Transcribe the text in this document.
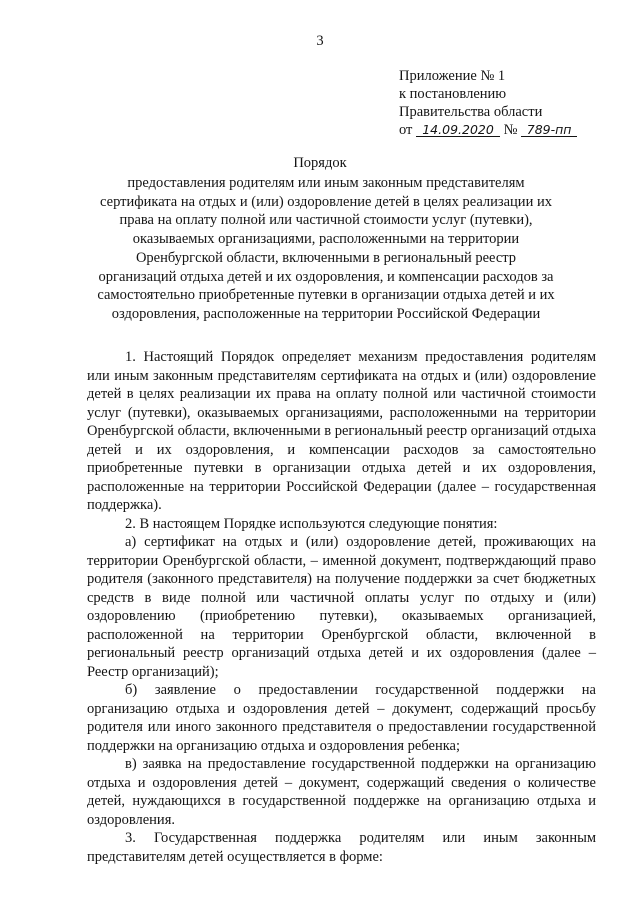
3
Приложение № 1
к постановлению
Правительства области
от 14.09.2020 № 789-пп
Порядок
предоставления родителям или иным законным представителям сертификата на отдых и (или) оздоровление детей в целях реализации их права на оплату полной или частичной стоимости услуг (путевки), оказываемых организациями, расположенными на территории Оренбургской области, включенными в региональный реестр организаций отдыха детей и их оздоровления, и компенсации расходов за самостоятельно приобретенные путевки в организации отдыха детей и их оздоровления, расположенные на территории Российской Федерации

1. Настоящий Порядок определяет механизм предоставления родителям или иным законным представителям сертификата на отдых и (или) оздоровление детей в целях реализации их права на оплату полной или частичной стоимости услуг (путевки), оказываемых организациями, расположенными на территории Оренбургской области, включенными в региональный реестр организаций отдыха детей и их оздоровления, и компенсации расходов за самостоятельно приобретенные путевки в организации отдыха детей и их оздоровления, расположенные на территории Российской Федерации (далее – государственная поддержка).

2. В настоящем Порядке используются следующие понятия:

а) сертификат на отдых и (или) оздоровление детей, проживающих на территории Оренбургской области, – именной документ, подтверждающий право родителя (законного представителя) на получение поддержки за счет бюджетных средств в виде полной или частичной оплаты услуг по отдыху и (или) оздоровлению (приобретению путевки), оказываемых организацией, расположенной на территории Оренбургской области, включенной в региональный реестр организаций отдыха детей и их оздоровления (далее – Реестр организаций);

б) заявление о предоставлении государственной поддержки на организацию отдыха и оздоровления детей – документ, содержащий просьбу родителя или иного законного представителя о предоставлении государственной поддержки на организацию отдыха и оздоровления ребенка;

в) заявка на предоставление государственной поддержки на организацию отдыха и оздоровления детей – документ, содержащий сведения о количестве детей, нуждающихся в государственной поддержке на организацию отдыха и оздоровления.

3. Государственная поддержка родителям или иным законным представителям детей осуществляется в форме:
